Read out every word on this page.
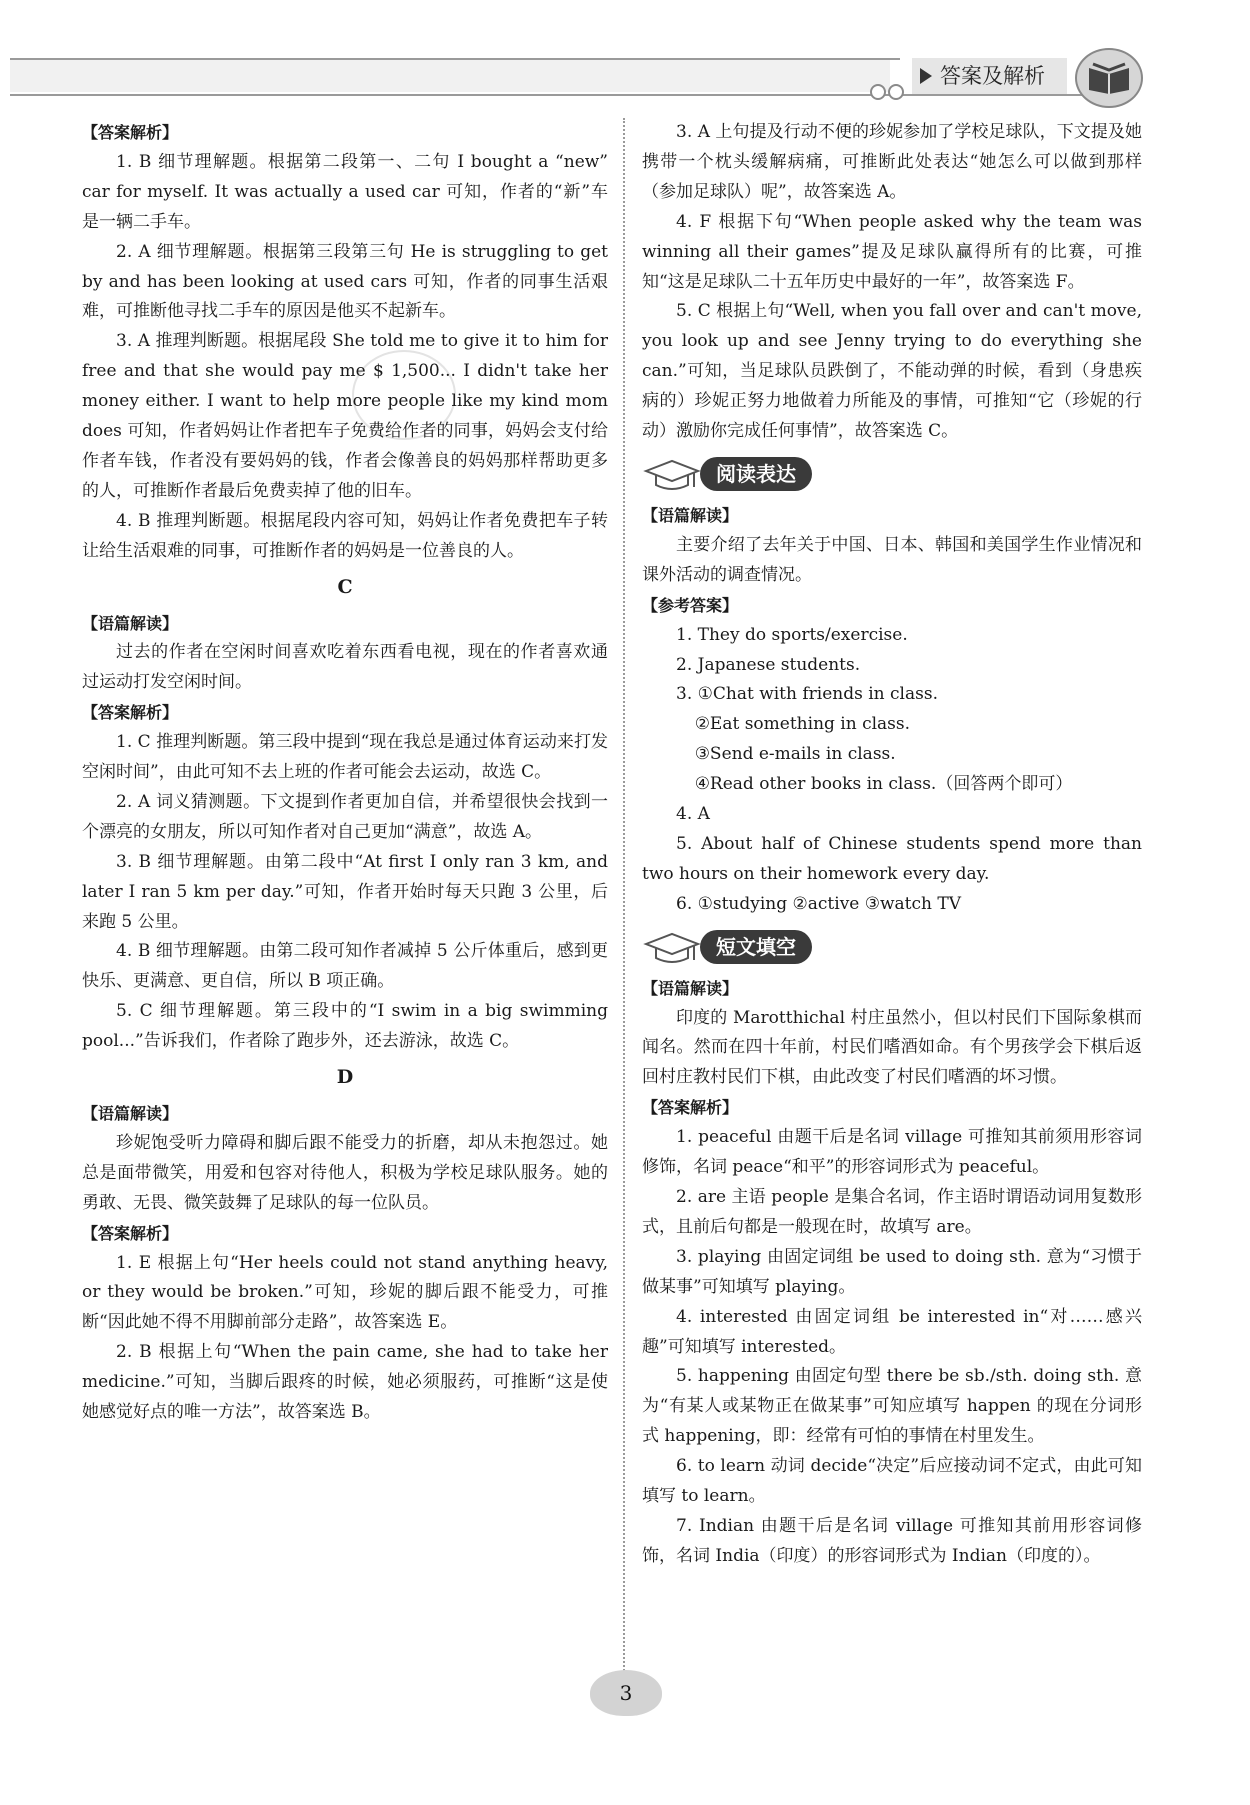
答案及解析

【答案解析】

1. B 细节理解题。根据第二段第一、二句 I bought a “new” car for myself. It was actually a used car 可知，作者的“新”车是一辆二手车。

2. A 细节理解题。根据第三段第三句 He is struggling to get by and has been looking at used cars 可知，作者的同事生活艰难，可推断他寻找二手车的原因是他买不起新车。

3. A 推理判断题。根据尾段 She told me to give it to him for free and that she would pay me $ 1,500... I didn't take her money either. I want to help more people like my kind mom does 可知，作者妈妈让作者把车子免费给作者的同事，妈妈会支付给作者车钱，作者没有要妈妈的钱，作者会像善良的妈妈那样帮助更多的人，可推断作者最后免费卖掉了他的旧车。

4. B 推理判断题。根据尾段内容可知，妈妈让作者免费把车子转让给生活艰难的同事，可推断作者的妈妈是一位善良的人。

C

【语篇解读】

过去的作者在空闲时间喜欢吃着东西看电视，现在的作者喜欢通过运动打发空闲时间。

【答案解析】

1. C 推理判断题。第三段中提到“现在我总是通过体育运动来打发空闲时间”，由此可知不去上班的作者可能会去运动，故选 C。

2. A 词义猜测题。下文提到作者更加自信，并希望很快会找到一个漂亮的女朋友，所以可知作者对自己更加“满意”，故选 A。

3. B 细节理解题。由第二段中“At first I only ran 3 km, and later I ran 5 km per day.”可知，作者开始时每天只跑 3 公里，后来跑 5 公里。

4. B 细节理解题。由第二段可知作者减掉 5 公斤体重后，感到更快乐、更满意、更自信，所以 B 项正确。

5. C 细节理解题。第三段中的“I swim in a big swimming pool...”告诉我们，作者除了跑步外，还去游泳，故选 C。

D

【语篇解读】

珍妮饱受听力障碍和脚后跟不能受力的折磨，却从未抱怨过。她总是面带微笑，用爱和包容对待他人，积极为学校足球队服务。她的勇敢、无畏、微笑鼓舞了足球队的每一位队员。

【答案解析】

1. E 根据上句“Her heels could not stand anything heavy, or they would be broken.”可知，珍妮的脚后跟不能受力，可推断“因此她不得不用脚前部分走路”，故答案选 E。

2. B 根据上句“When the pain came, she had to take her medicine.”可知，当脚后跟疼的时候，她必须服药，可推断“这是使她感觉好点的唯一方法”，故答案选 B。

3. A 上句提及行动不便的珍妮参加了学校足球队，下文提及她携带一个枕头缓解病痛，可推断此处表达“她怎么可以做到那样（参加足球队）呢”，故答案选 A。

4. F 根据下句“When people asked why the team was winning all their games”提及足球队赢得所有的比赛，可推知“这是足球队二十五年历史中最好的一年”，故答案选 F。

5. C 根据上句“Well, when you fall over and can't move, you look up and see Jenny trying to do everything she can.”可知，当足球队员跌倒了，不能动弹的时候，看到（身患疾病的）珍妮正努力地做着力所能及的事情，可推知“它（珍妮的行动）激励你完成任何事情”，故答案选 C。

阅读表达

【语篇解读】

主要介绍了去年关于中国、日本、韩国和美国学生作业情况和课外活动的调查情况。

【参考答案】

1. They do sports/exercise.

2. Japanese students.

3. ①Chat with friends in class.

②Eat something in class.

③Send e-mails in class.

④Read other books in class.（回答两个即可）

4. A

5. About half of Chinese students spend more than two hours on their homework every day.

6. ①studying ②active ③watch TV

短文填空

【语篇解读】

印度的 Marotthichal 村庄虽然小，但以村民们下国际象棋而闻名。然而在四十年前，村民们嗜酒如命。有个男孩学会下棋后返回村庄教村民们下棋，由此改变了村民们嗜酒的坏习惯。

【答案解析】

1. peaceful 由题干后是名词 village 可推知其前须用形容词修饰，名词 peace“和平”的形容词形式为 peaceful。

2. are 主语 people 是集合名词，作主语时谓语动词用复数形式，且前后句都是一般现在时，故填写 are。

3. playing 由固定词组 be used to doing sth. 意为“习惯于做某事”可知填写 playing。

4. interested 由固定词组 be interested in“对……感兴趣”可知填写 interested。

5. happening 由固定句型 there be sb./sth. doing sth. 意为“有某人或某物正在做某事”可知应填写 happen 的现在分词形式 happening，即：经常有可怕的事情在村里发生。

6. to learn 动词 decide“决定”后应接动词不定式，由此可知填写 to learn。

7. Indian 由题干后是名词 village 可推知其前用形容词修饰，名词 India（印度）的形容词形式为 Indian（印度的）。

3
